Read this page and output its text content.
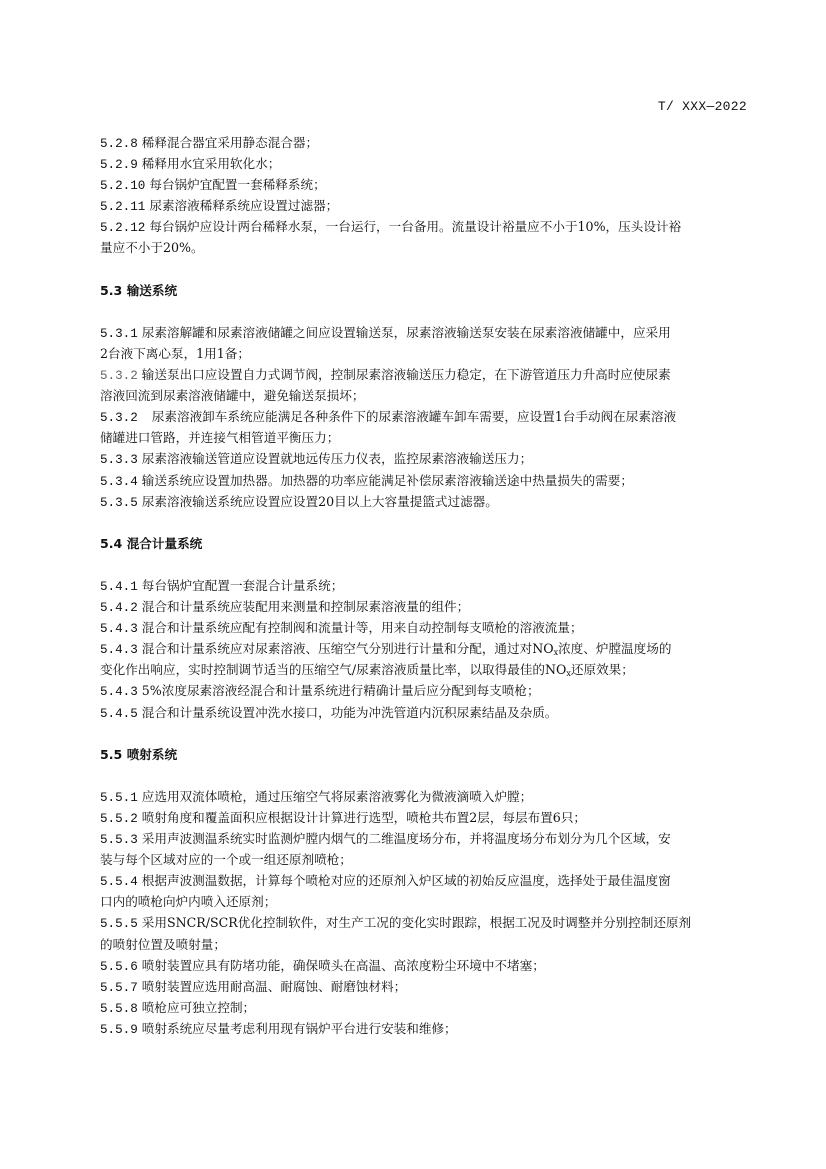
T/ XXX—2022
5.2.8 稀释混合器宜采用静态混合器；
5.2.9 稀释用水宜采用软化水；
5.2.10 每台锅炉宜配置一套稀释系统；
5.2.11 尿素溶液稀释系统应设置过滤器；
5.2.12 每台锅炉应设计两台稀释水泵，一台运行，一台备用。流量设计裕量应不小于10%，压头设计裕
量应不小于20%。
5.3 输送系统
5.3.1 尿素溶解罐和尿素溶液储罐之间应设置输送泵，尿素溶液输送泵安装在尿素溶液储罐中，应采用
2台液下离心泵，1用1备；
5.3.2 输送泵出口应设置自力式调节阀，控制尿素溶液输送压力稳定，在下游管道压力升高时应使尿素
溶液回流到尿素溶液储罐中，避免输送泵损坏；
5.3.2 尿素溶液卸车系统应能满足各种条件下的尿素溶液罐车卸车需要，应设置1台手动阀在尿素溶液
储罐进口管路，并连接气相管道平衡压力；
5.3.3 尿素溶液输送管道应设置就地远传压力仪表，监控尿素溶液输送压力；
5.3.4 输送系统应设置加热器。加热器的功率应能满足补偿尿素溶液输送途中热量损失的需要；
5.3.5 尿素溶液输送系统应设置应设置20目以上大容量提篮式过滤器。
5.4 混合计量系统
5.4.1 每台锅炉宜配置一套混合计量系统；
5.4.2 混合和计量系统应装配用来测量和控制尿素溶液量的组件；
5.4.3 混合和计量系统应配有控制阀和流量计等，用来自动控制每支喷枪的溶液流量；
5.4.3 混合和计量系统应对尿素溶液、压缩空气分别进行计量和分配，通过对$NO_x$浓度、炉膛温度场的
变化作出响应，实时控制调节适当的压缩空气/尿素溶液质量比率，以取得最佳的$NO_x$还原效果；
5.4.3 5%浓度尿素溶液经混合和计量系统进行精确计量后应分配到每支喷枪；
5.4.5 混合和计量系统设置冲洗水接口，功能为冲洗管道内沉积尿素结晶及杂质。
5.5 喷射系统
5.5.1 应选用双流体喷枪，通过压缩空气将尿素溶液雾化为微液滴喷入炉膛；
5.5.2 喷射角度和覆盖面积应根据设计计算进行选型，喷枪共布置2层，每层布置6只；
5.5.3 采用声波测温系统实时监测炉膛内烟气的二维温度场分布，并将温度场分布划分为几个区域，安
装与每个区域对应的一个或一组还原剂喷枪；
5.5.4 根据声波测温数据，计算每个喷枪对应的还原剂入炉区域的初始反应温度，选择处于最佳温度窗
口内的喷枪向炉内喷入还原剂；
5.5.5 采用SNCR/SCR优化控制软件，对生产工况的变化实时跟踪，根据工况及时调整并分别控制还原剂
的喷射位置及喷射量；
5.5.6 喷射装置应具有防堵功能，确保喷头在高温、高浓度粉尘环境中不堵塞；
5.5.7 喷射装置应选用耐高温、耐腐蚀、耐磨蚀材料；
5.5.8 喷枪应可独立控制；
5.5.9 喷射系统应尽量考虑利用现有锅炉平台进行安装和维修；
